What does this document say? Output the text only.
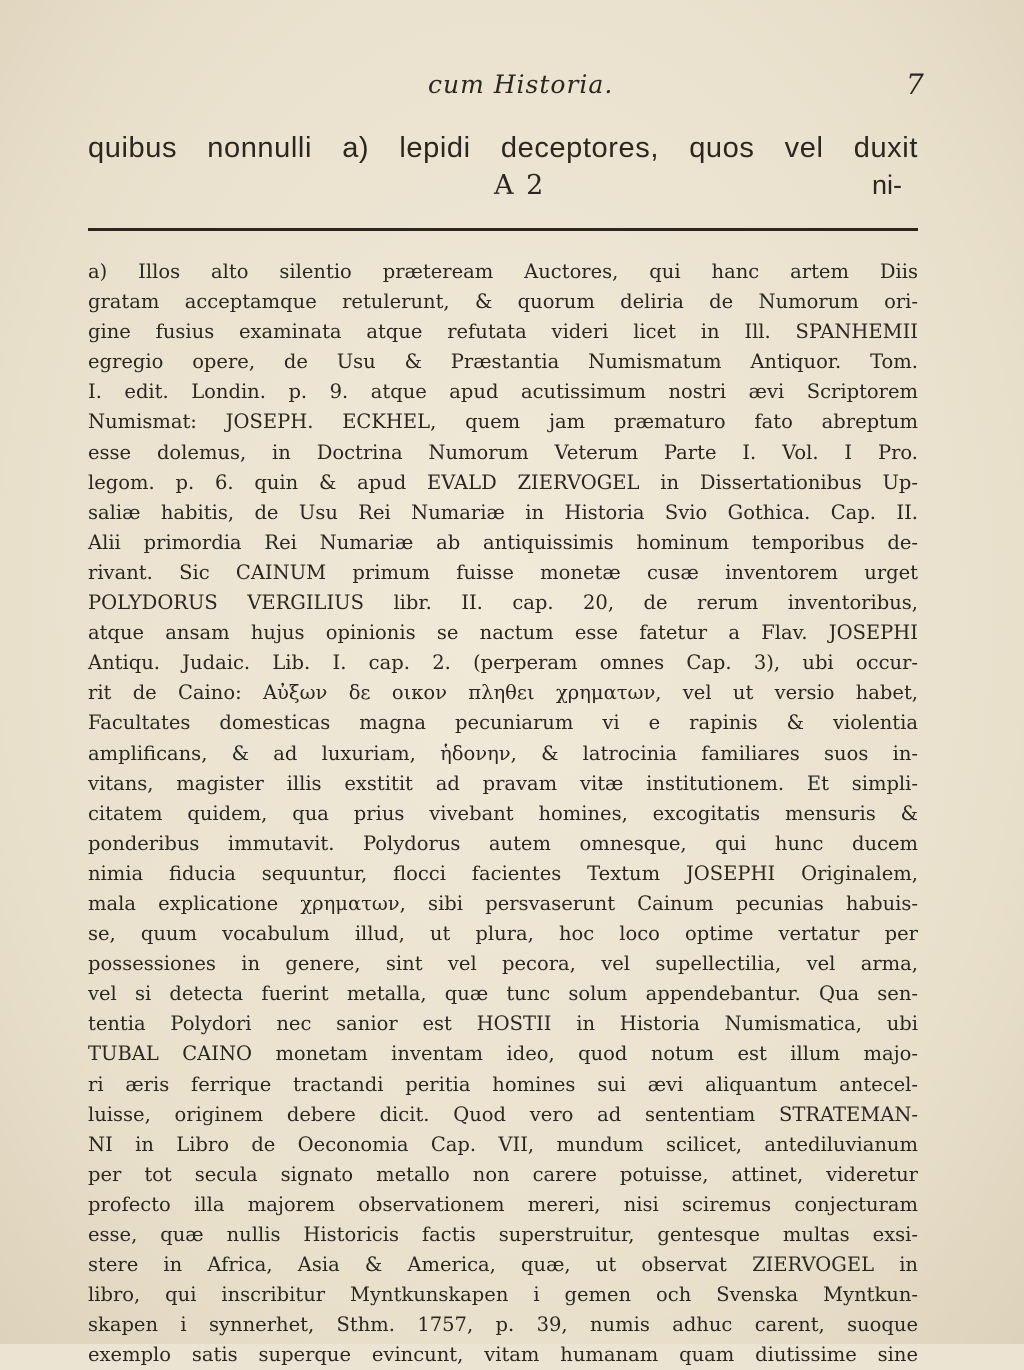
cum Historia.	7
quibus nonnulli a) lepidi deceptores, quos vel duxit
A 2	ni-
a) Illos alto silentio præteream Auctores, qui hanc artem Diis
gratam acceptamque retulerunt, & quorum deliria de Numorum ori-
gine fusius examinata atque refutata videri licet in Ill. SPANHEMII
egregio opere, de Usu & Præstantia Numismatum Antiquor. Tom.
I. edit. Londin. p. 9. atque apud acutissimum nostri ævi Scriptorem
Numismat: JOSEPH. ECKHEL, quem jam præmaturo fato abreptum
esse dolemus, in Doctrina Numorum Veterum Parte I. Vol. I Pro.
legom. p. 6. quin & apud EVALD ZIERVOGEL in Dissertationibus Up-
saliæ habitis, de Usu Rei Numariæ in Historia Svio Gothica. Cap. II.
Alii primordia Rei Numariæ ab antiquissimis hominum temporibus de-
rivant. Sic CAINUM primum fuisse monetæ cusæ inventorem urget
POLYDORUS VERGILIUS libr. II. cap. 20, de rerum inventoribus,
atque ansam hujus opinionis se nactum esse fatetur a Flav. JOSEPHI
Antiqu. Judaic. Lib. I. cap. 2. (perperam omnes Cap. 3), ubi occur-
rit de Caino: Αὐξων δε οικον πληθει χρηματων, vel ut versio habet,
Facultates domesticas magna pecuniarum vi e rapinis & violentia
amplificans, & ad luxuriam, ἡδονην, & latrocinia familiares suos in-
vitans, magister illis exstitit ad pravam vitæ institutionem. Et simpli-
citatem quidem, qua prius vivebant homines, excogitatis mensuris &
ponderibus immutavit. Polydorus autem omnesque, qui hunc ducem
nimia fiducia sequuntur, flocci facientes Textum JOSEPHI Originalem,
mala explicatione χρηματων, sibi persvaserunt Cainum pecunias habuis-
se, quum vocabulum illud, ut plura, hoc loco optime vertatur per
possessiones in genere, sint vel pecora, vel supellectilia, vel arma,
vel si detecta fuerint metalla, quæ tunc solum appendebantur. Qua sen-
tentia Polydori nec sanior est HOSTII in Historia Numismatica, ubi
TUBAL CAINO monetam inventam ideo, quod notum est illum majo-
ri æris ferrique tractandi peritia homines sui ævi aliquantum antecel-
luisse, originem debere dicit. Quod vero ad sententiam STRATEMAN-
NI in Libro de Oeconomia Cap. VII, mundum scilicet, antediluvianum
per tot secula signato metallo non carere potuisse, attinet, videretur
profecto illa majorem observationem mereri, nisi sciremus conjecturam
esse, quæ nullis Historicis factis superstruitur, gentesque multas exsi-
stere in Africa, Asia & America, quæ, ut observat ZIERVOGEL in
libro, qui inscribitur Myntkunskapen i gemen och Svenska Myntkun-
skapen i synnerhet, Sthm. 1757, p. 39, numis adhuc carent, suoque
exemplo satis superque evincunt, vitam humanam quam diutissime sine
